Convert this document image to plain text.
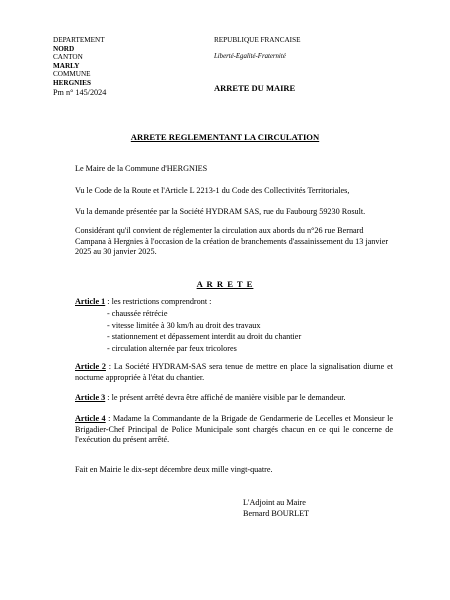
DEPARTEMENT
NORD
CANTON
MARLY
COMMUNE
HERGNIES
Pm n° 145/2024
REPUBLIQUE FRANCAISE
Liberté-Egalité-Fraternité
ARRETE DU MAIRE
ARRETE REGLEMENTANT LA CIRCULATION
Le Maire de la Commune d'HERGNIES
Vu le Code de la Route et l'Article L 2213-1 du Code des Collectivités Territoriales,
Vu la demande présentée par la Société HYDRAM SAS, rue du Faubourg 59230 Rosult.
Considérant qu'il convient de réglementer la circulation aux abords du n°26 rue Bernard Campana à Hergnies à l'occasion de la création de branchements d'assainissement du 13 janvier 2025 au 30 janvier 2025.
A R R E T E
Article 1 : les restrictions comprendront :
- chaussée rétrécie
- vitesse limitée à 30 km/h au droit des travaux
- stationnement et dépassement interdit au droit du chantier
- circulation alternée par feux tricolores
Article 2 : La Société HYDRAM-SAS sera tenue de mettre en place la signalisation diurne et nocturne appropriée à l'état du chantier.
Article 3 : le présent arrêté devra être affiché de manière visible par le demandeur.
Article 4 : Madame la Commandante de la Brigade de Gendarmerie de Lecelles et Monsieur le Brigadier-Chef Principal de Police Municipale sont chargés chacun en ce qui le concerne de l'exécution du présent arrêté.
Fait en Mairie le dix-sept décembre deux mille vingt-quatre.
L'Adjoint au Maire
Bernard BOURLET
